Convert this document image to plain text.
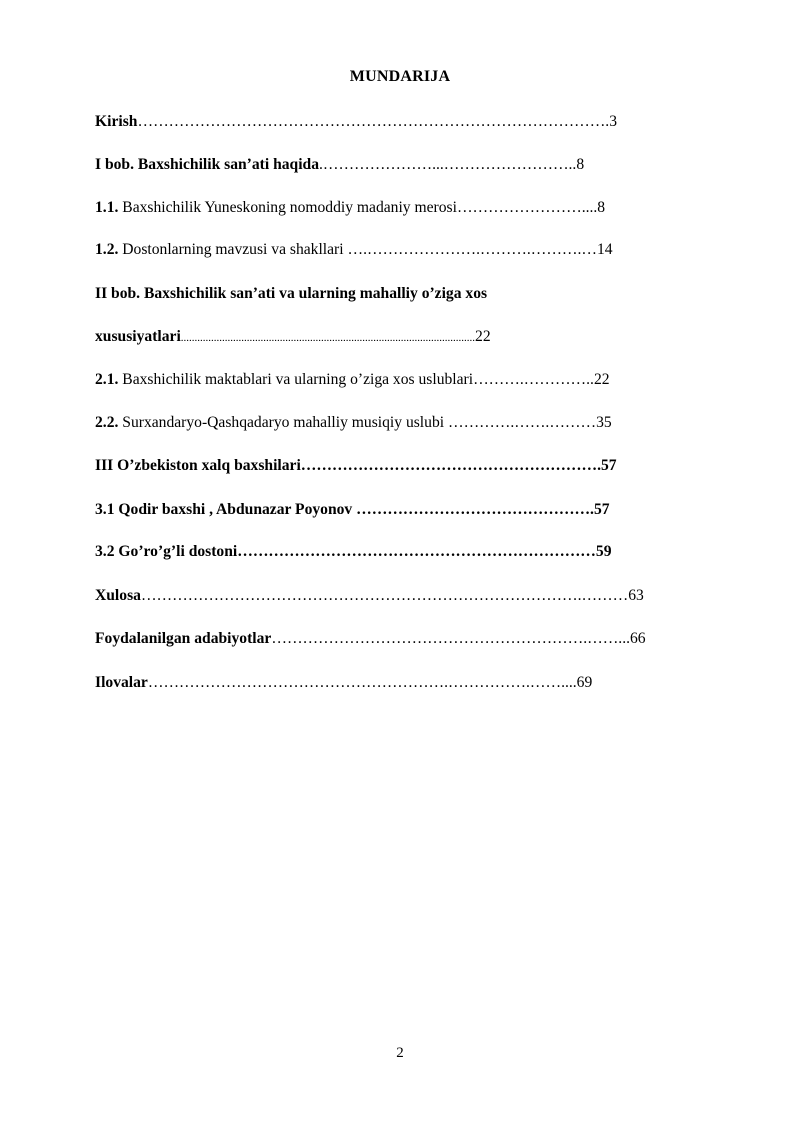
MUNDARIJA
Kirish……………………………………………………………………………….3
I bob. Baxshichilik san’ati haqida.…………………...……………………..8
1.1. Baxshichilik Yuneskoning nomoddiy madaniy merosi……………………....8
1.2. Dostonlarning mavzusi va shakllari ….………………….……….……….…14
II bob. Baxshichilik san’ati va ularning mahalliy o’ziga xos
xususiyatlari...........................................................................................................22
2.1. Baxshichilik maktablari va ularning o’ziga xos uslublari……….…………..22
2.2. Surxandaryo-Qashqadaryo mahalliy musiqiy uslubi ………….…….………35
III O’zbekiston xalq baxshilari………………………………………………….57
3.1 Qodir baxshi , Abdunazar Poyonov ……………………………………….57
3.2 Go’ro’g’li dostoni……………………………………………………………59
Xulosa………………………………………………………………………….………63
Foydalanilgan adabiyotlar…………………………………………………….……...66
Ilovalar………………………………………………….…………….……....69
2
